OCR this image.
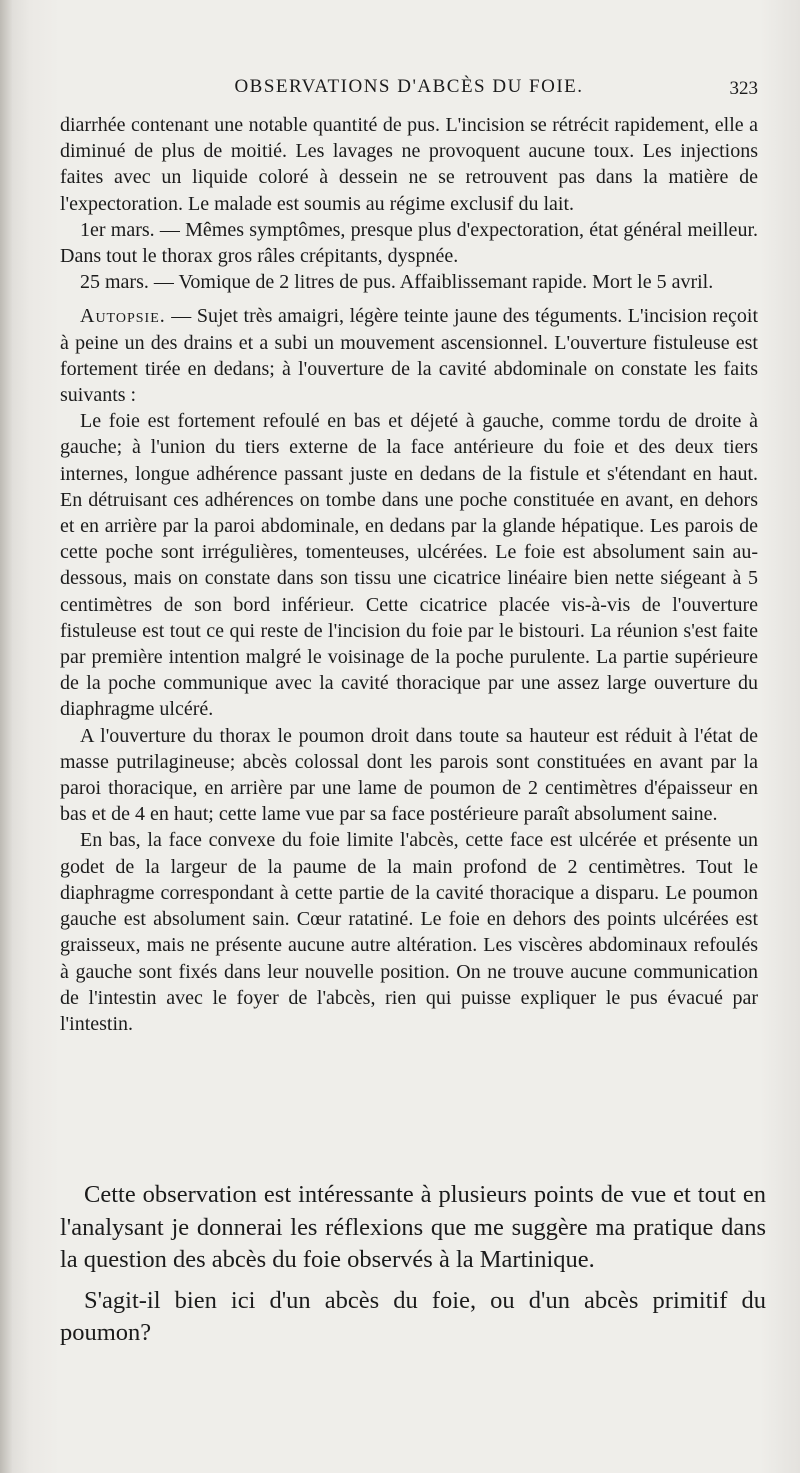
OBSERVATIONS D'ABCÈS DU FOIE.	323

diarrhée contenant une notable quantité de pus. L'incision se rétrécit rapidement, elle a diminué de plus de moitié. Les lavages ne provoquent aucune toux. Les injections faites avec un liquide coloré à dessein ne se retrouvent pas dans la matière de l'expectoration. Le malade est soumis au régime exclusif du lait.

1er mars. — Mêmes symptômes, presque plus d'expectoration, état général meilleur. Dans tout le thorax gros râles crépitants, dyspnée.

25 mars. — Vomique de 2 litres de pus. Affaiblissemant rapide. Mort le 5 avril.

Autopsie. — Sujet très amaigri, légère teinte jaune des téguments. L'incision reçoit à peine un des drains et a subi un mouvement ascensionnel. L'ouverture fistuleuse est fortement tirée en dedans; à l'ouverture de la cavité abdominale on constate les faits suivants :

Le foie est fortement refoulé en bas et déjeté à gauche, comme tordu de droite à gauche; à l'union du tiers externe de la face antérieure du foie et des deux tiers internes, longue adhérence passant juste en dedans de la fistule et s'étendant en haut. En détruisant ces adhérences on tombe dans une poche constituée en avant, en dehors et en arrière par la paroi abdominale, en dedans par la glande hépatique. Les parois de cette poche sont irrégulières, tomenteuses, ulcérées. Le foie est absolument sain au-dessous, mais on constate dans son tissu une cicatrice linéaire bien nette siégeant à 5 centimètres de son bord inférieur. Cette cicatrice placée vis-à-vis de l'ouverture fistuleuse est tout ce qui reste de l'incision du foie par le bistouri. La réunion s'est faite par première intention malgré le voisinage de la poche purulente. La partie supérieure de la poche communique avec la cavité thoracique par une assez large ouverture du diaphragme ulcéré.

A l'ouverture du thorax le poumon droit dans toute sa hauteur est réduit à l'état de masse putrilagineuse; abcès colossal dont les parois sont constituées en avant par la paroi thoracique, en arrière par une lame de poumon de 2 centimètres d'épaisseur en bas et de 4 en haut; cette lame vue par sa face postérieure paraît absolument saine.

En bas, la face convexe du foie limite l'abcès, cette face est ulcérée et présente un godet de la largeur de la paume de la main profond de 2 centimètres. Tout le diaphragme correspondant à cette partie de la cavité thoracique a disparu. Le poumon gauche est absolument sain. Cœur ratatiné. Le foie en dehors des points ulcérées est graisseux, mais ne présente aucune autre altération. Les viscères abdominaux refoulés à gauche sont fixés dans leur nouvelle position. On ne trouve aucune communication de l'intestin avec le foyer de l'abcès, rien qui puisse expliquer le pus évacué par l'intestin.

Cette observation est intéressante à plusieurs points de vue et tout en l'analysant je donnerai les réflexions que me suggère ma pratique dans la question des abcès du foie observés à la Martinique.

S'agit-il bien ici d'un abcès du foie, ou d'un abcès primitif du poumon?
